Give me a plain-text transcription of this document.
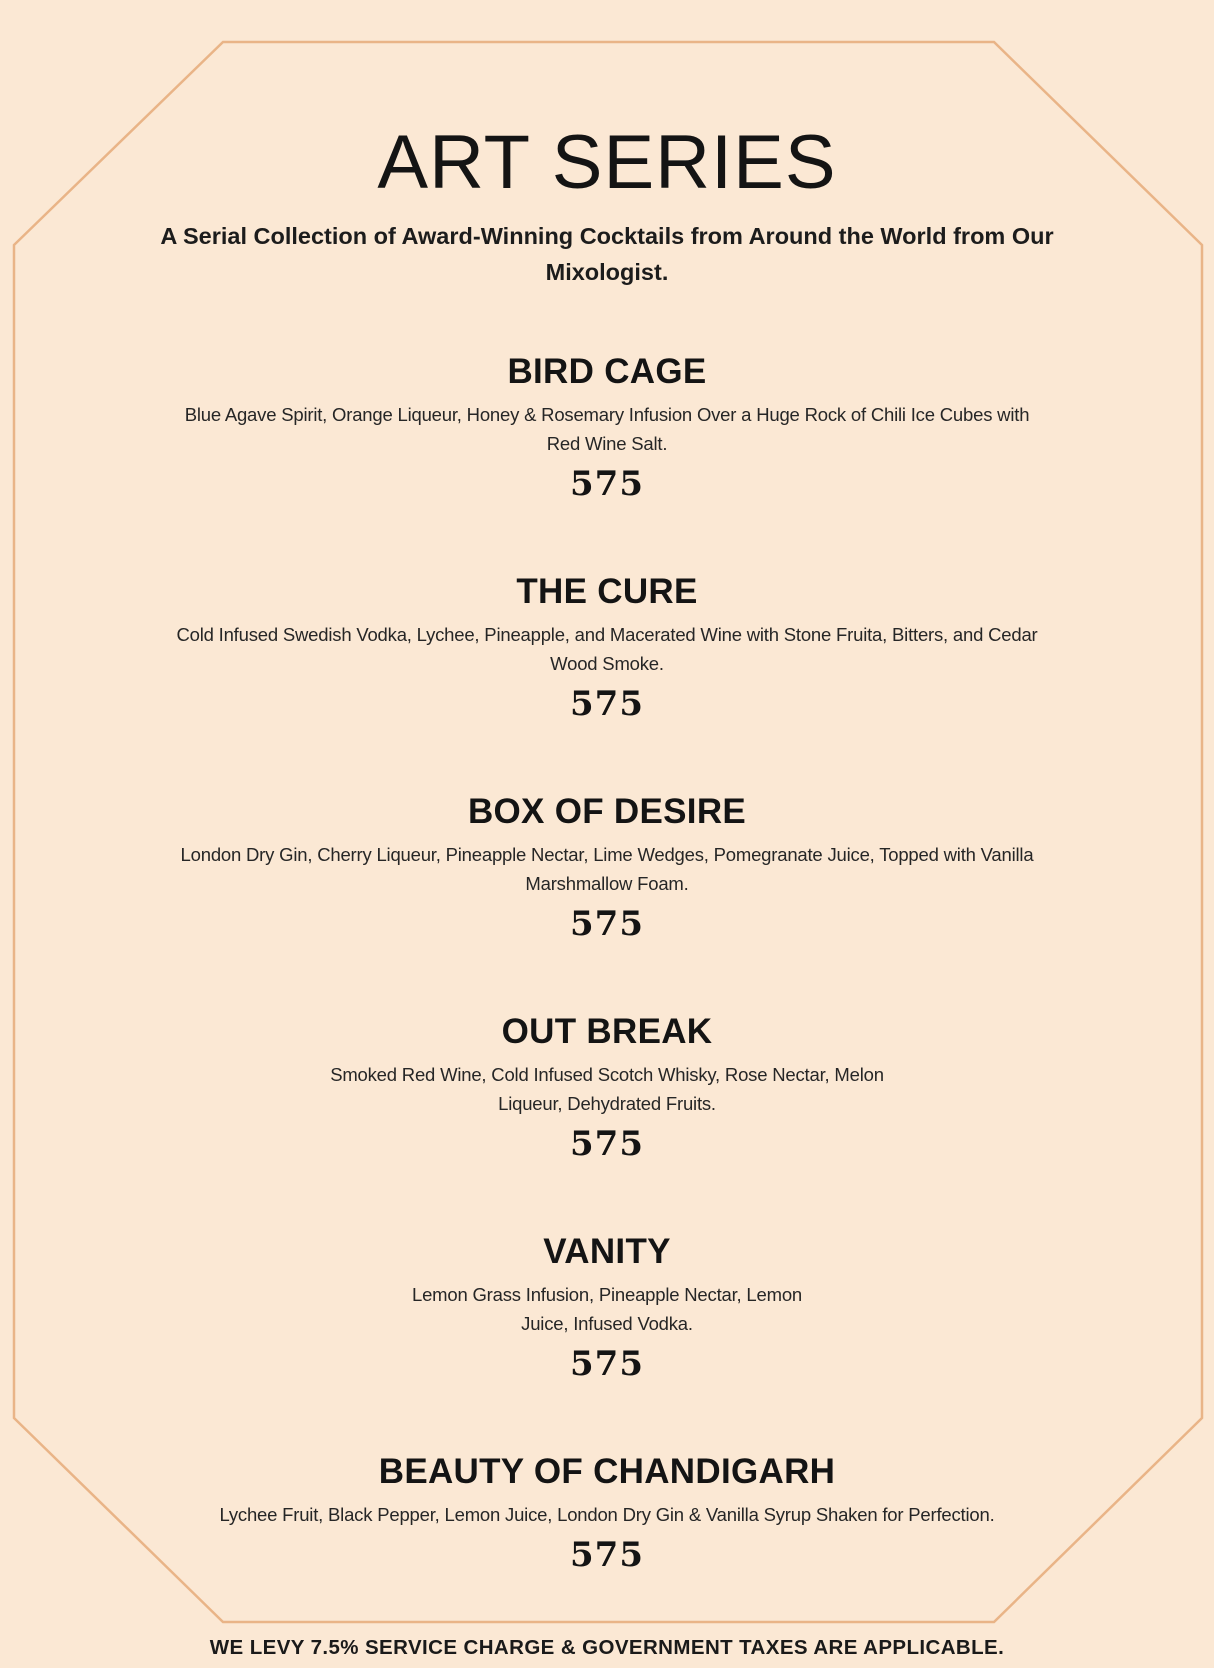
ART SERIES
A Serial Collection of Award-Winning Cocktails from Around the World from Our Mixologist.
BIRD CAGE
Blue Agave Spirit, Orange Liqueur, Honey & Rosemary Infusion Over a Huge Rock of Chili Ice Cubes with Red Wine Salt.
575
THE CURE
Cold Infused Swedish Vodka, Lychee, Pineapple, and Macerated Wine with Stone Fruita, Bitters, and Cedar Wood Smoke.
575
BOX OF DESIRE
London Dry Gin, Cherry Liqueur, Pineapple Nectar, Lime Wedges, Pomegranate Juice, Topped with Vanilla Marshmallow Foam.
575
OUT BREAK
Smoked Red Wine, Cold Infused Scotch Whisky, Rose Nectar, Melon Liqueur, Dehydrated Fruits.
575
VANITY
Lemon Grass Infusion, Pineapple Nectar, Lemon Juice, Infused Vodka.
575
BEAUTY OF CHANDIGARH
Lychee Fruit, Black Pepper, Lemon Juice, London Dry Gin & Vanilla Syrup Shaken for Perfection.
575
WE LEVY 7.5% SERVICE CHARGE & GOVERNMENT TAXES ARE APPLICABLE.
